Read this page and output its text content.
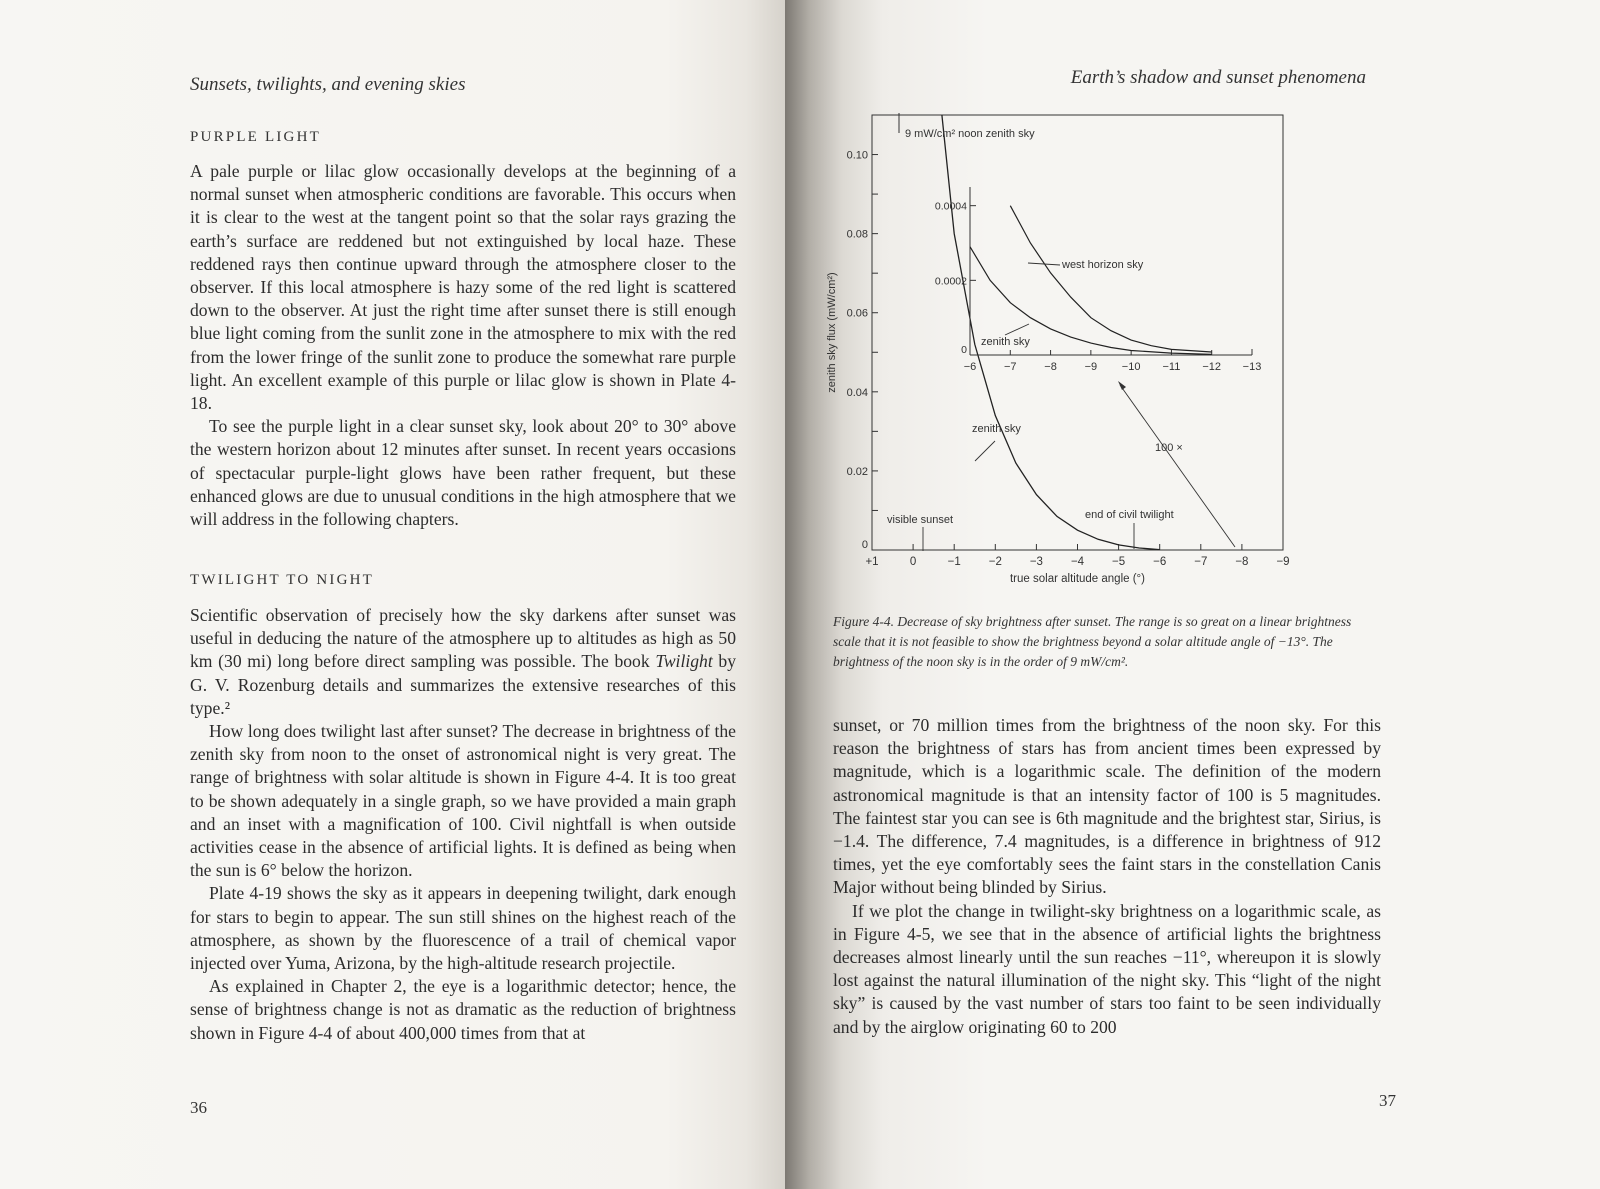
Sunsets, twilights, and evening skies
PURPLE LIGHT

A pale purple or lilac glow occasionally develops at the beginning of a normal sunset when atmospheric conditions are favorable. This occurs when it is clear to the west at the tangent point so that the solar rays grazing the earth’s surface are reddened but not extinguished by local haze. These reddened rays then continue upward through the atmosphere closer to the observer. If this local atmosphere is hazy some of the red light is scattered down to the observer. At just the right time after sunset there is still enough blue light coming from the sunlit zone in the atmosphere to mix with the red from the lower fringe of the sunlit zone to produce the somewhat rare purple light. An excellent example of this purple or lilac glow is shown in Plate 4-18.

To see the purple light in a clear sunset sky, look about 20° to 30° above the western horizon about 12 minutes after sunset. In recent years occasions of spectacular purple-light glows have been rather frequent, but these enhanced glows are due to unusual conditions in the high atmosphere that we will address in the following chapters.

TWILIGHT TO NIGHT

Scientific observation of precisely how the sky darkens after sunset was useful in deducing the nature of the atmosphere up to altitudes as high as 50 km (30 mi) long before direct sampling was possible. The book Twilight by G. V. Rozenburg details and summarizes the extensive researches of this type.²

How long does twilight last after sunset? The decrease in brightness of the zenith sky from noon to the onset of astronomical night is very great. The range of brightness with solar altitude is shown in Figure 4-4. It is too great to be shown adequately in a single graph, so we have provided a main graph and an inset with a magnification of 100. Civil nightfall is when outside activities cease in the absence of artificial lights. It is defined as being when the sun is 6° below the horizon.

Plate 4-19 shows the sky as it appears in deepening twilight, dark enough for stars to begin to appear. The sun still shines on the highest reach of the atmosphere, as shown by the fluorescence of a trail of chemical vapor injected over Yuma, Arizona, by the high-altitude research projectile.

As explained in Chapter 2, the eye is a logarithmic detector; hence, the sense of brightness change is not as dramatic as the reduction of brightness shown in Figure 4-4 of about 400,000 times from that at

36
Earth’s shadow and sunset phenomena
+1	0	−1 −2 −3 −4 −5 −6 −7 −8 −9
0
0.02
0.04
0.06
0.08
0.10
true solar altitude angle (°)
zenith sky flux (mW/cm²)	−6	−7	−8	−9 −10 −11 −12 −13
0
0.0002
0.0004
west horizon sky
zenith sky
9 mW/cm² noon zenith sky
zenith sky
visible sunset	end of civil twilight
100 ×
Figure 4-4. Decrease of sky brightness after sunset. The range is so great on a linear brightness scale that it is not feasible to show the brightness beyond a solar altitude angle of −13°. The brightness of the noon sky is in the order of 9 mW/cm².

sunset, or 70 million times from the brightness of the noon sky. For this reason the brightness of stars has from ancient times been expressed by magnitude, which is a logarithmic scale. The definition of the modern astronomical magnitude is that an intensity factor of 100 is 5 magnitudes. The faintest star you can see is 6th magnitude and the brightest star, Sirius, is −1.4. The difference, 7.4 magnitudes, is a difference in brightness of 912 times, yet the eye comfortably sees the faint stars in the constellation Canis Major without being blinded by Sirius.

If we plot the change in twilight-sky brightness on a logarithmic scale, as in Figure 4-5, we see that in the absence of artificial lights the brightness decreases almost linearly until the sun reaches −11°, whereupon it is slowly lost against the natural illumination of the night sky. This “light of the night sky” is caused by the vast number of stars too faint to be seen individually and by the airglow originating 60 to 200

37
